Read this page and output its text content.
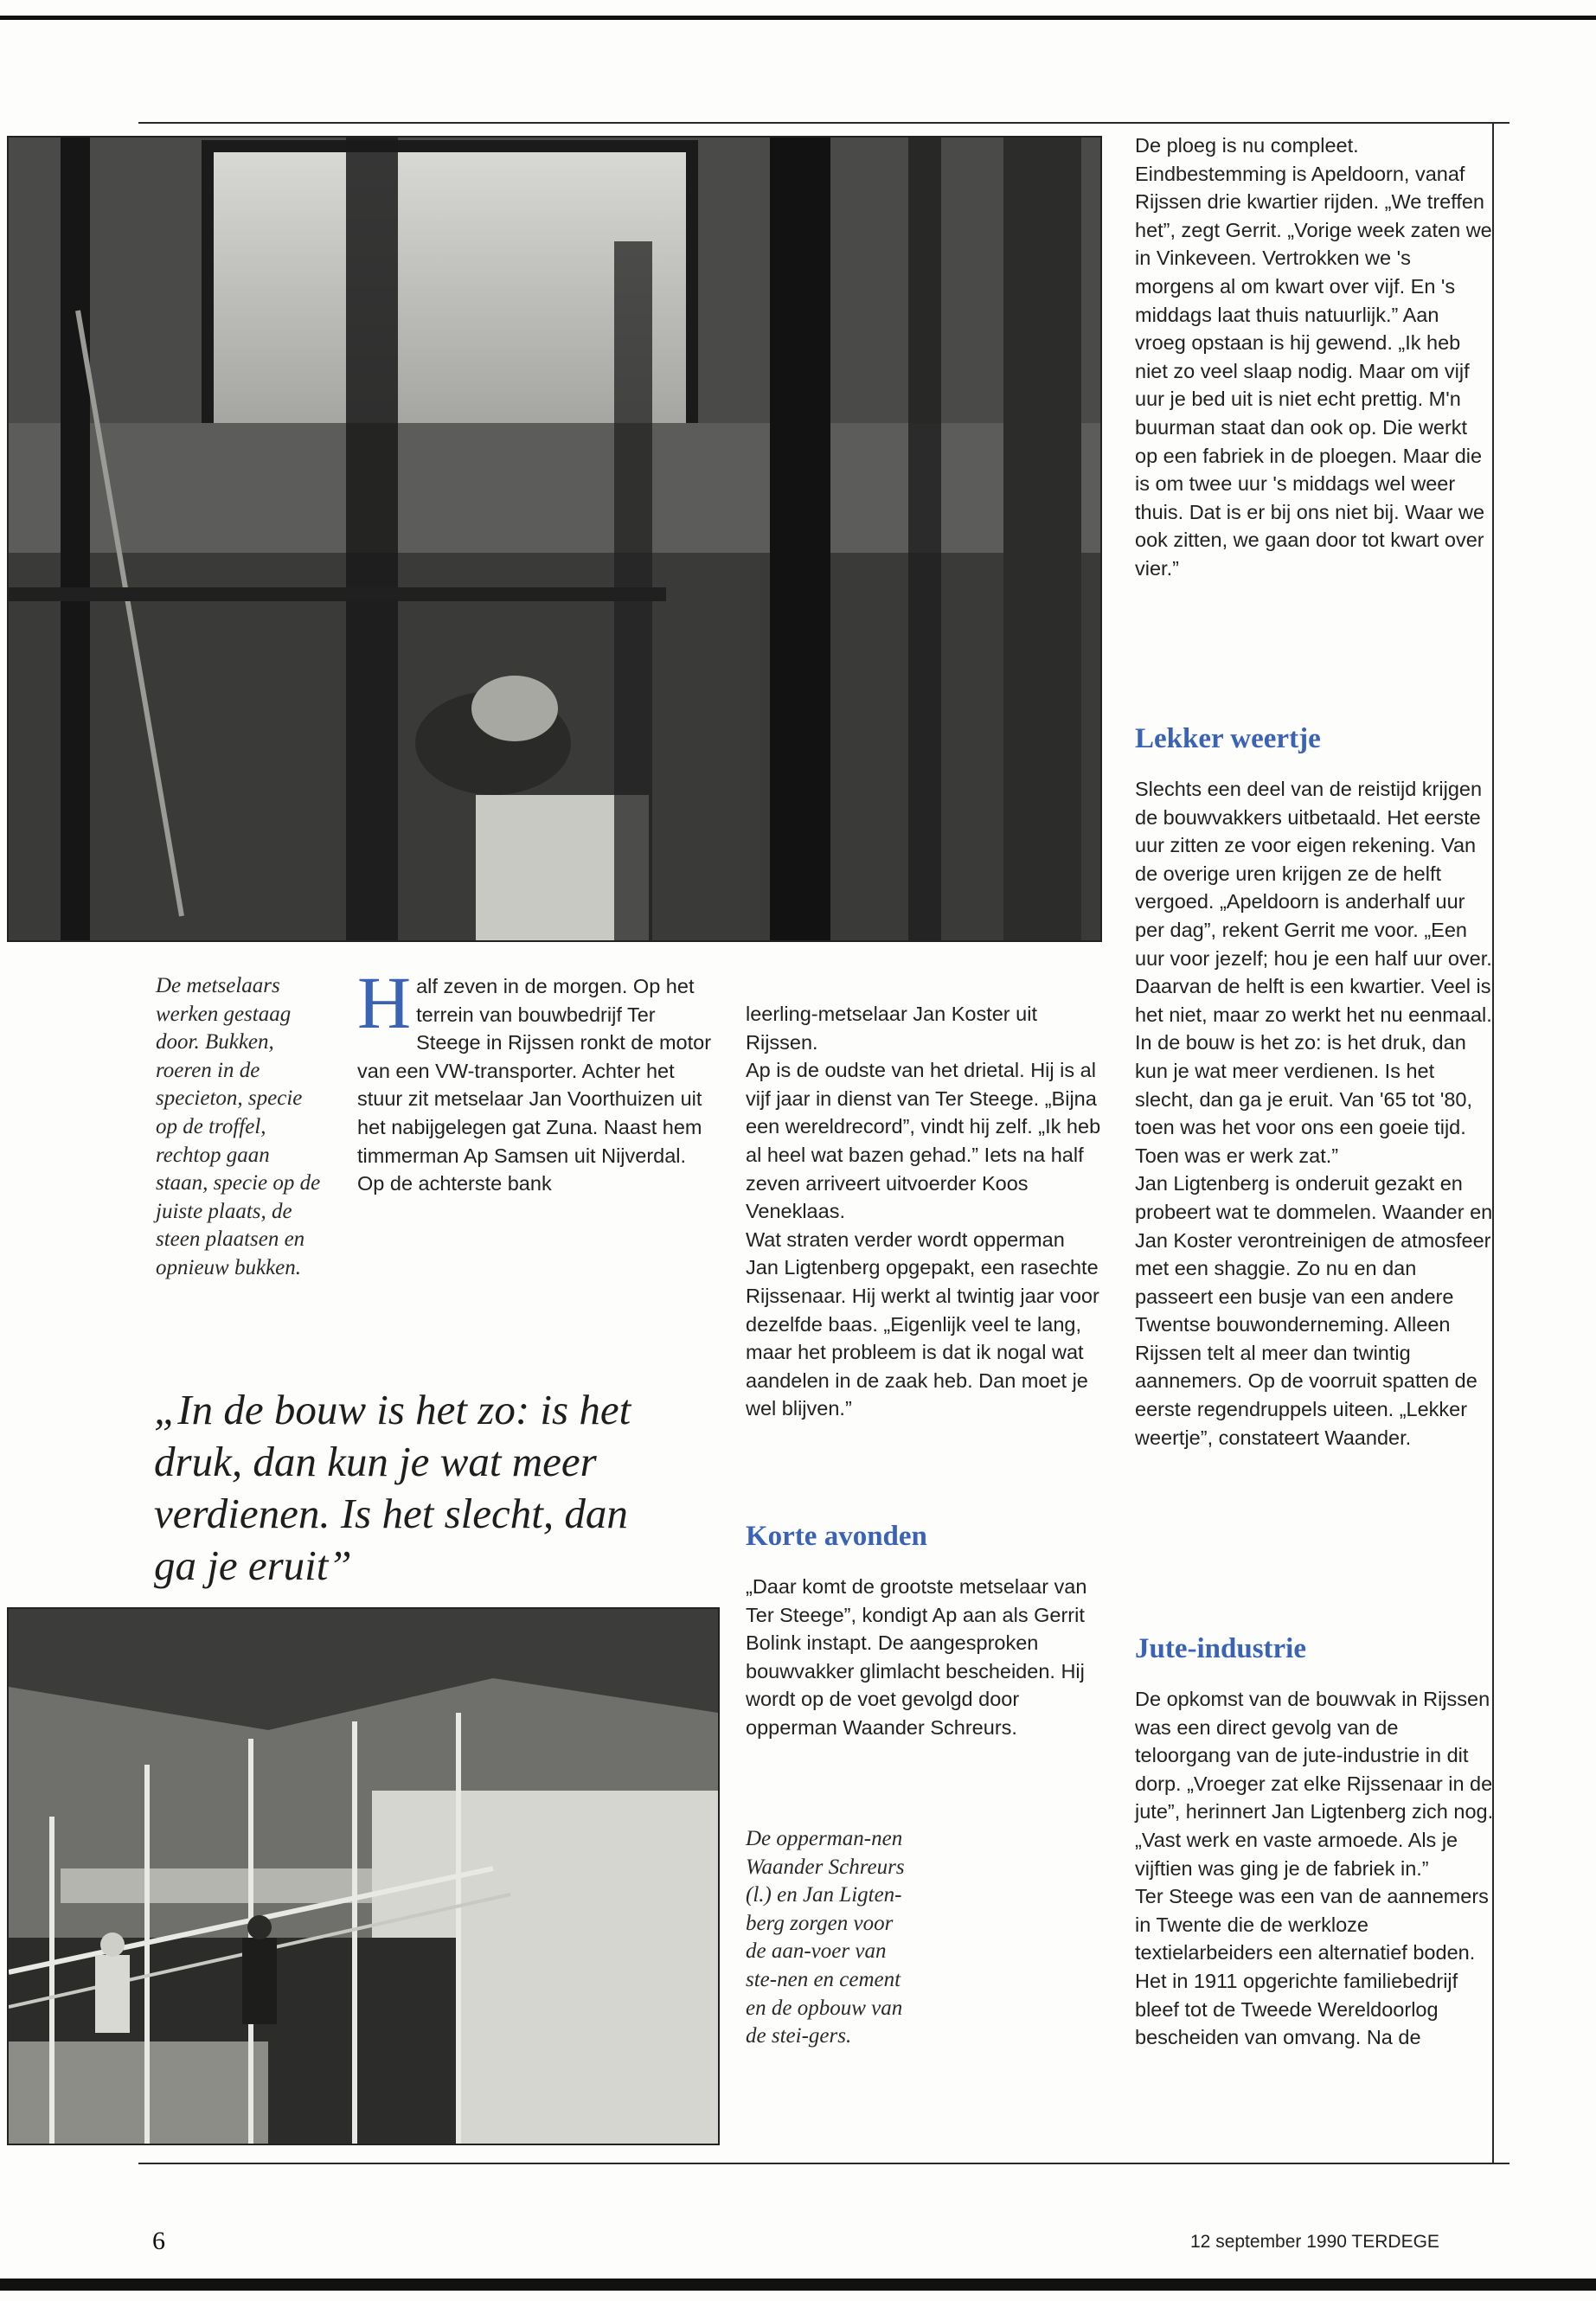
De metselaars werken gestaag door. Bukken, roeren in de specieton, specie op de troffel, rechtop gaan staan, specie op de juiste plaats, de steen plaatsen en opnieuw bukken.
„In de bouw is het zo: is het druk, dan kun je wat meer verdienen. Is het slecht, dan ga je eruit”

Half zeven in de morgen. Op het terrein van bouwbedrijf Ter Steege in Rijssen ronkt de motor van een VW-transporter. Achter het stuur zit metselaar Jan Voorthuizen uit het nabijgelegen gat Zuna. Naast hem timmerman Ap Samsen uit Nijverdal. Op de achterste bank

leerling-metselaar Jan Koster uit Rijssen.

Ap is de oudste van het drietal. Hij is al vijf jaar in dienst van Ter Steege. „Bijna een wereldrecord”, vindt hij zelf. „Ik heb al heel wat bazen gehad.” Iets na half zeven arriveert uitvoerder Koos Veneklaas.

Wat straten verder wordt opperman Jan Ligtenberg opgepakt, een rasechte Rijssenaar. Hij werkt al twintig jaar voor dezelfde baas. „Eigenlijk veel te lang, maar het probleem is dat ik nogal wat aandelen in de zaak heb. Dan moet je wel blijven.”

Korte avonden

„Daar komt de grootste metselaar van Ter Steege”, kondigt Ap aan als Gerrit Bolink instapt. De aangesproken bouwvakker glimlacht bescheiden. Hij wordt op de voet gevolgd door opperman Waander Schreurs.

De opperman-nen Waander Schreurs (l.) en Jan Ligten-berg zorgen voor de aan-voer van ste-nen en cement en de opbouw van de stei-gers.

De ploeg is nu compleet. Eindbestemming is Apeldoorn, vanaf Rijssen drie kwartier rijden. „We treffen het”, zegt Gerrit. „Vorige week zaten we in Vinkeveen. Vertrokken we 's morgens al om kwart over vijf. En 's middags laat thuis natuurlijk.” Aan vroeg opstaan is hij gewend. „Ik heb niet zo veel slaap nodig. Maar om vijf uur je bed uit is niet echt prettig. M'n buurman staat dan ook op. Die werkt op een fabriek in de ploegen. Maar die is om twee uur 's middags wel weer thuis. Dat is er bij ons niet bij. Waar we ook zitten, we gaan door tot kwart over vier.”

Lekker weertje

Slechts een deel van de reistijd krijgen de bouwvakkers uitbetaald. Het eerste uur zitten ze voor eigen rekening. Van de overige uren krijgen ze de helft vergoed. „Apeldoorn is anderhalf uur per dag”, rekent Gerrit me voor. „Een uur voor jezelf; hou je een half uur over. Daarvan de helft is een kwartier. Veel is het niet, maar zo werkt het nu eenmaal. In de bouw is het zo: is het druk, dan kun je wat meer verdienen. Is het slecht, dan ga je eruit. Van '65 tot '80, toen was het voor ons een goeie tijd. Toen was er werk zat.”

Jan Ligtenberg is onderuit gezakt en probeert wat te dommelen. Waander en Jan Koster verontreinigen de atmosfeer met een shaggie. Zo nu en dan passeert een busje van een andere Twentse bouwonderneming. Alleen Rijssen telt al meer dan twintig aannemers. Op de voorruit spatten de eerste regendruppels uiteen. „Lekker weertje”, constateert Waander.

Jute-industrie

De opkomst van de bouwvak in Rijssen was een direct gevolg van de teloorgang van de jute-industrie in dit dorp. „Vroeger zat elke Rijssenaar in de jute”, herinnert Jan Ligtenberg zich nog. „Vast werk en vaste armoede. Als je vijftien was ging je de fabriek in.”

Ter Steege was een van de aannemers in Twente die de werkloze textielarbeiders een alternatief boden. Het in 1911 opgerichte familiebedrijf bleef tot de Tweede Wereldoorlog bescheiden van omvang. Na de

6	12 september 1990 TERDEGE
